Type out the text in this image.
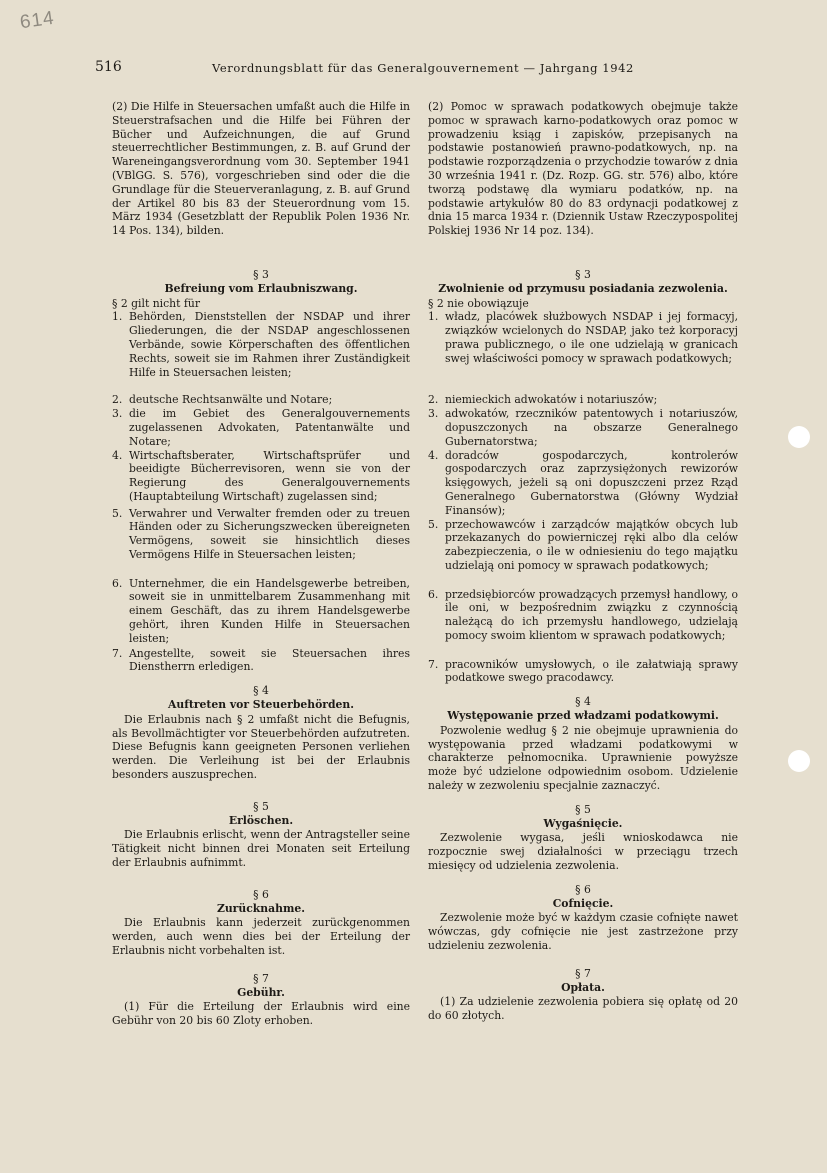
614
516	Verordnungsblatt für das Generalgouvernement — Jahrgang 1942

(2) Die Hilfe in Steuersachen umfaßt auch die Hilfe in Steuerstrafsachen und die Hilfe bei Führen der Bücher und Aufzeichnungen, die auf Grund steuerrechtlicher Bestimmungen, z. B. auf Grund der Wareneingangsverordnung vom 30. September 1941 (VBlGG. S. 576), vorgeschrieben sind oder die die Grundlage für die Steuerveranlagung, z. B. auf Grund der Artikel 80 bis 83 der Steuerordnung vom 15. März 1934 (Gesetzblatt der Republik Polen 1936 Nr. 14 Pos. 134), bilden.

§ 3

Befreiung vom Erlaubniszwang.

§ 2 gilt nicht für

1. Behörden, Dienststellen der NSDAP und ihrer Gliederungen, die der NSDAP angeschlossenen Verbände, sowie Körperschaften des öffentlichen Rechts, soweit sie im Rahmen ihrer Zuständigkeit Hilfe in Steuersachen leisten;
2. deutsche Rechtsanwälte und Notare;
3. die im Gebiet des Generalgouvernements zugelassenen Advokaten, Patentanwälte und Notare;
4. Wirtschaftsberater, Wirtschaftsprüfer und beeidigte Bücherrevisoren, wenn sie von der Regierung des Generalgouvernements (Hauptabteilung Wirtschaft) zugelassen sind;
5. Verwahrer und Verwalter fremden oder zu treuen Händen oder zu Sicherungszwecken übereigneten Vermögens, soweit sie hinsichtlich dieses Vermögens Hilfe in Steuersachen leisten;
6. Unternehmer, die ein Handelsgewerbe betreiben, soweit sie in unmittelbarem Zusammenhang mit einem Geschäft, das zu ihrem Handelsgewerbe gehört, ihren Kunden Hilfe in Steuersachen leisten;
7. Angestellte, soweit sie Steuersachen ihres Dienstherrn erledigen.

§ 4

Auftreten vor Steuerbehörden.

Die Erlaubnis nach § 2 umfaßt nicht die Befugnis, als Bevollmächtigter vor Steuerbehörden aufzutreten. Diese Befugnis kann geeigneten Personen verliehen werden. Die Verleihung ist bei der Erlaubnis besonders auszusprechen.

§ 5

Erlöschen.

Die Erlaubnis erlischt, wenn der Antragsteller seine Tätigkeit nicht binnen drei Monaten seit Erteilung der Erlaubnis aufnimmt.

§ 6

Zurücknahme.

Die Erlaubnis kann jederzeit zurückgenommen werden, auch wenn dies bei der Erteilung der Erlaubnis nicht vorbehalten ist.

§ 7

Gebühr.

(1) Für die Erteilung der Erlaubnis wird eine Gebühr von 20 bis 60 Zloty erhoben.

(2) Pomoc w sprawach podatkowych obejmuje także pomoc w sprawach karno-podatkowych oraz pomoc w prowadzeniu ksiąg i zapisków, przepisanych na podstawie postanowień prawno-podatkowych, np. na podstawie rozporządzenia o przychodzie towarów z dnia 30 września 1941 r. (Dz. Rozp. GG. str. 576) albo, które tworzą podstawę dla wymiaru podatków, np. na podstawie artykułów 80 do 83 ordynacji podatkowej z dnia 15 marca 1934 r. (Dziennik Ustaw Rzeczypospolitej Polskiej 1936 Nr 14 poz. 134).

§ 3

Zwolnienie od przymusu posiadania zezwolenia.

§ 2 nie obowiązuje

1. władz, placówek służbowych NSDAP i jej formacyj, związków wcielonych do NSDAP, jako też korporacyj prawa publicznego, o ile one udzielają w granicach swej właściwości pomocy w sprawach podatkowych;
2. niemieckich adwokatów i notariuszów;
3. adwokatów, rzeczników patentowych i notariuszów, dopuszczonych na obszarze Generalnego Gubernatorstwa;
4. doradców gospodarczych, kontrolerów gospodarczych oraz zaprzysiężonych rewizorów księgowych, jeżeli są oni dopuszczeni przez Rząd Generalnego Gubernatorstwa (Główny Wydział Finansów);
5. przechowawców i zarządców majątków obcych lub przekazanych do powierniczej ręki albo dla celów zabezpieczenia, o ile w odniesieniu do tego majątku udzielają oni pomocy w sprawach podatkowych;
6. przedsiębiorców prowadzących przemysł handlowy, o ile oni, w bezpośrednim związku z czynnością należącą do ich przemysłu handlowego, udzielają pomocy swoim klientom w sprawach podatkowych;
7. pracowników umysłowych, o ile załatwiają sprawy podatkowe swego pracodawcy.

§ 4

Występowanie przed władzami podatkowymi.

Pozwolenie według § 2 nie obejmuje uprawnienia do występowania przed władzami podatkowymi w charakterze pełnomocnika. Uprawnienie powyższe może być udzielone odpowiednim osobom. Udzielenie należy w zezwoleniu specjalnie zaznaczyć.

§ 5

Wygaśnięcie.

Zezwolenie wygasa, jeśli wnioskodawca nie rozpocznie swej działalności w przeciągu trzech miesięcy od udzielenia zezwolenia.

§ 6

Cofnięcie.

Zezwolenie może być w każdym czasie cofnięte nawet wówczas, gdy cofnięcie nie jest zastrzeżone przy udzieleniu zezwolenia.

§ 7

Opłata.

(1) Za udzielenie zezwolenia pobiera się opłatę od 20 do 60 złotych.
